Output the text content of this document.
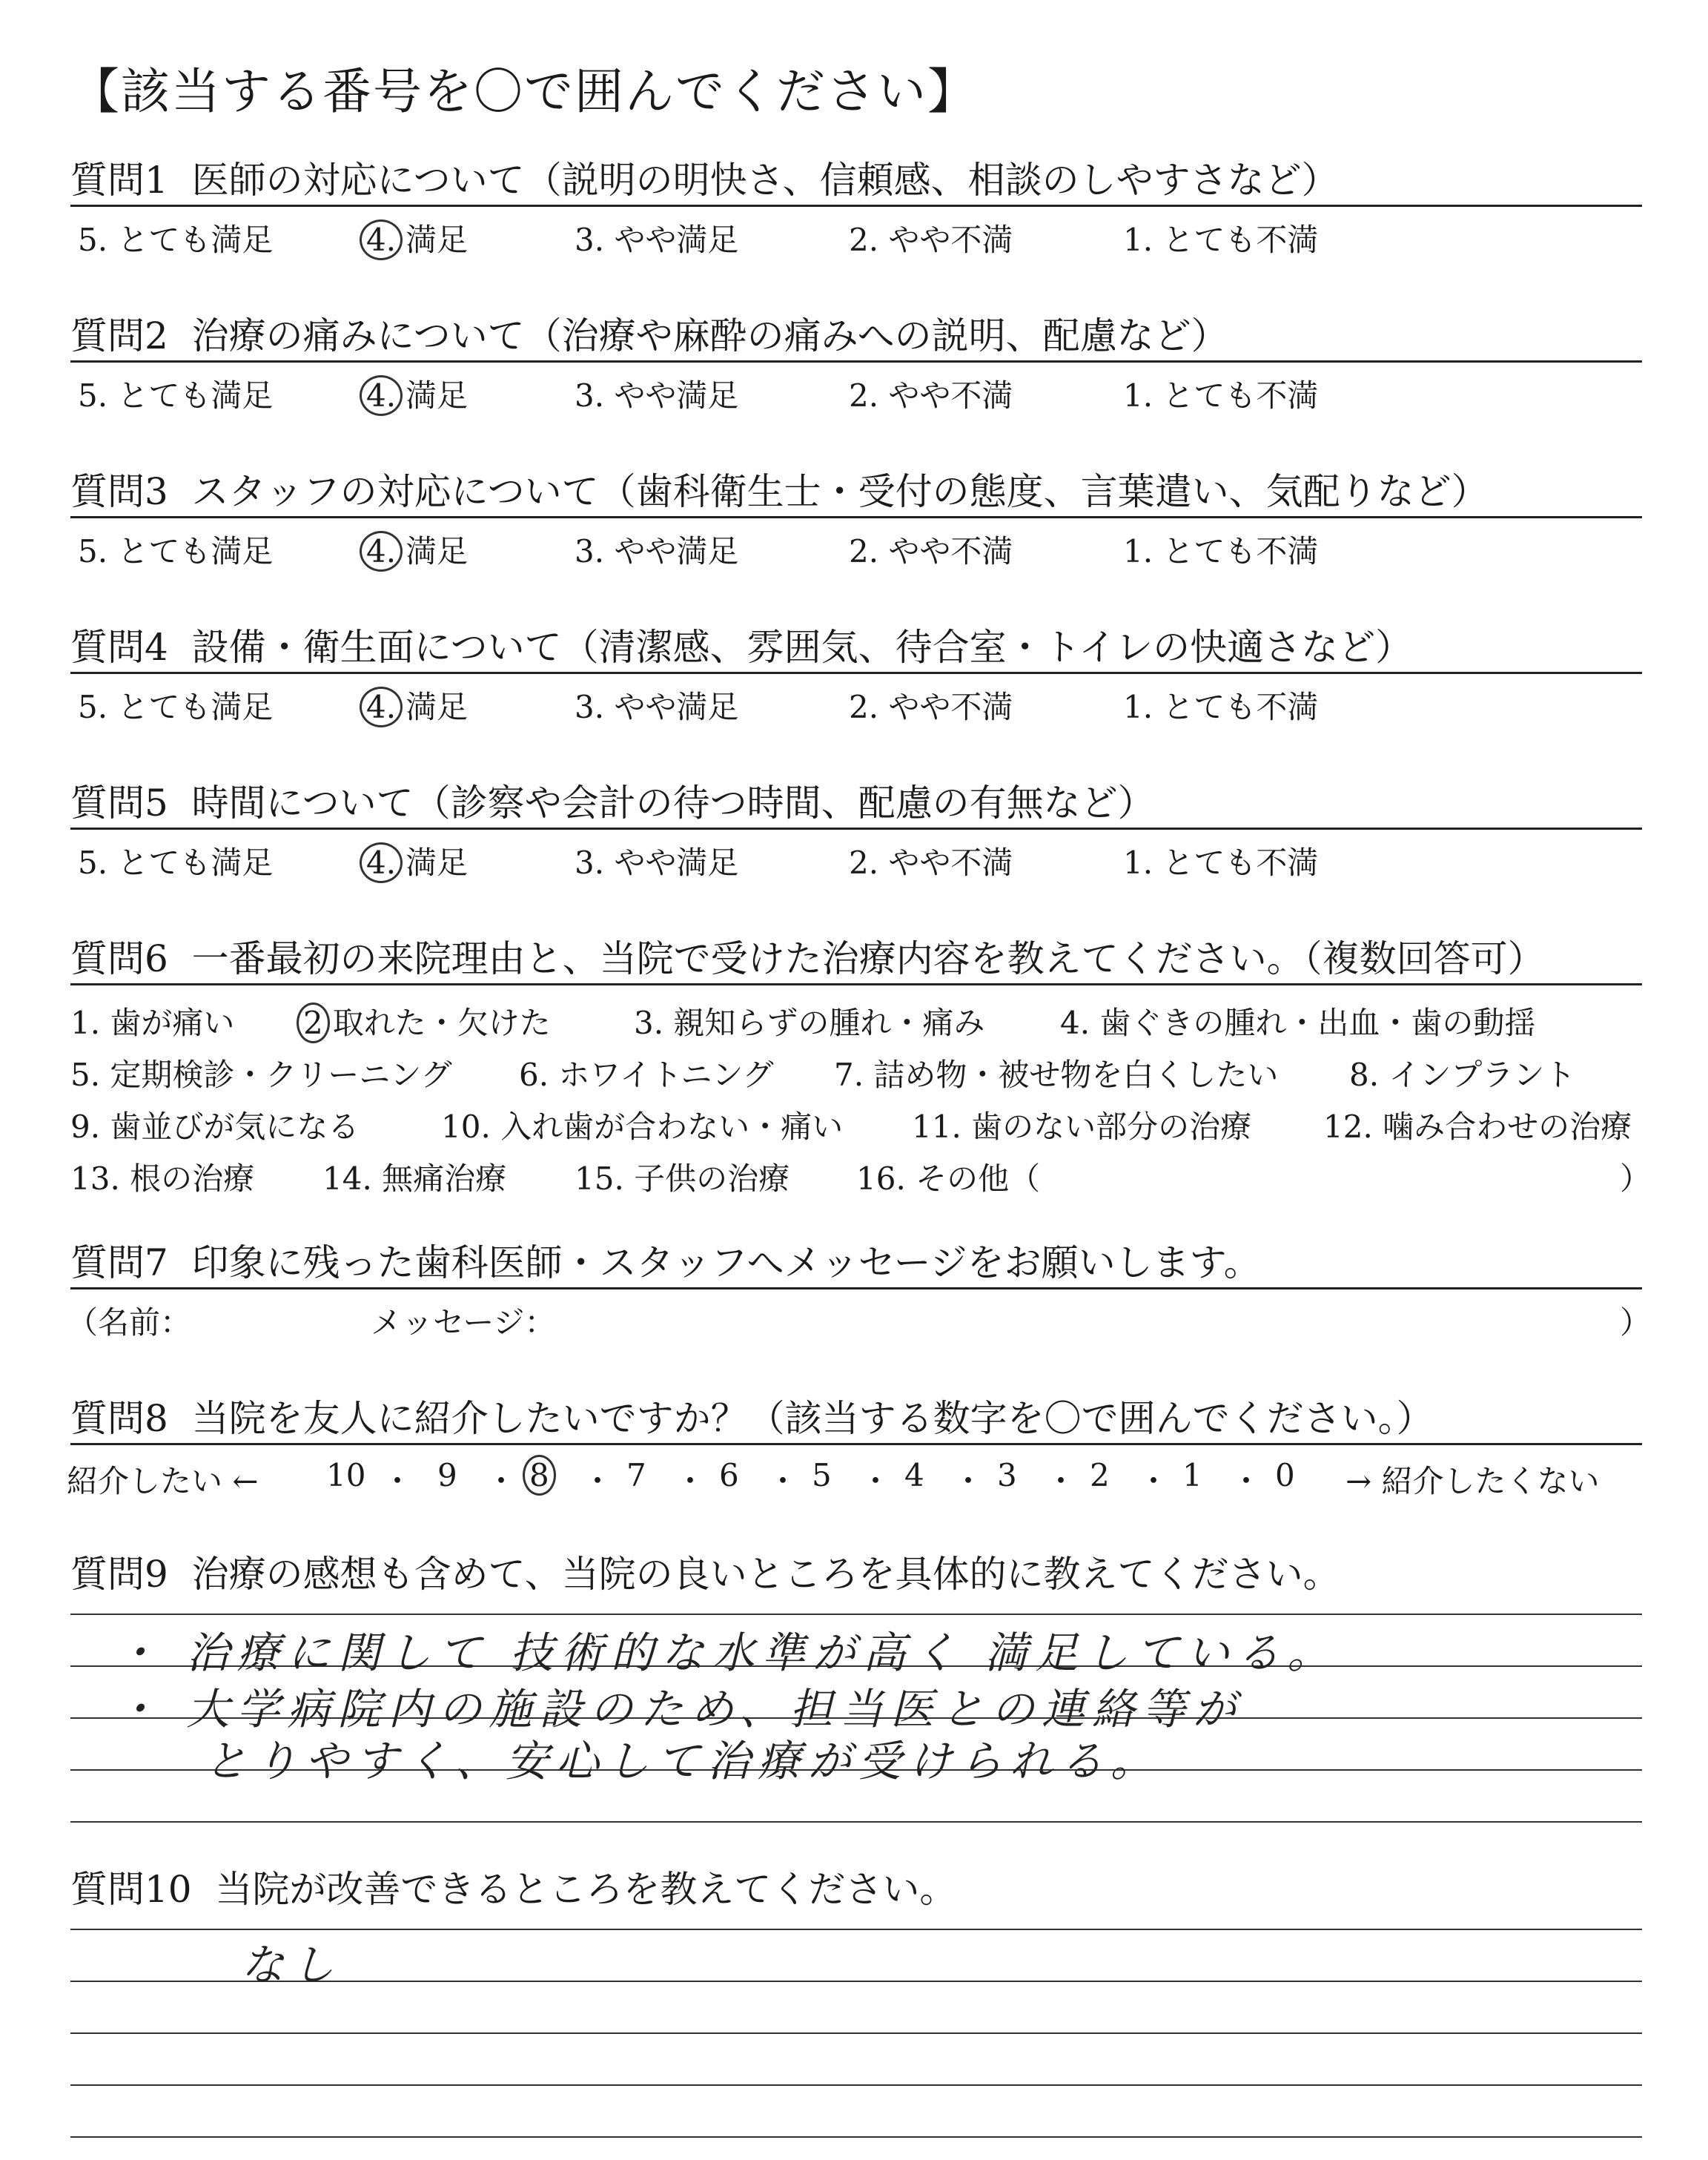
【該当する番号を〇で囲んでください】
質問1 医師の対応について（説明の明快さ、信頼感、相談のしやすさなど）
5. とても満足	4. 満足	3. やや満足	2. やや不満	1. とても不満
質問2 治療の痛みについて（治療や麻酔の痛みへの説明、配慮など）
5. とても満足	4. 満足	3. やや満足	2. やや不満	1. とても不満
質問3 スタッフの対応について（歯科衛生士・受付の態度、言葉遣い、気配りなど）
5. とても満足	4. 満足	3. やや満足	2. やや不満	1. とても不満
質問4 設備・衛生面について（清潔感、雰囲気、待合室・トイレの快適さなど）
5. とても満足	4. 満足	3. やや満足	2. やや不満	1. とても不満
質問5 時間について（診察や会計の待つ時間、配慮の有無など）
5. とても満足	4. 満足	3. やや満足	2. やや不満	1. とても不満
質問6 一番最初の来院理由と、当院で受けた治療内容を教えてください。（複数回答可）
1. 歯が痛い 2 取れた・欠けた	3. 親知らずの腫れ・痛み 4. 歯ぐきの腫れ・出血・歯の動揺
5. 定期検診・クリーニング 6. ホワイトニング 7. 詰め物・被せ物を白くしたい 8. インプラント
9. 歯並びが気になる	10. 入れ歯が合わない・痛い 11. 歯のない部分の治療 12. 噛み合わせの治療
13. 根の治療 14. 無痛治療 15. 子供の治療 16. その他（	）
質問7 印象に残った歯科医師・スタッフへメッセージをお願いします。
（名前：	メッセージ：	）
質問8 当院を友人に紹介したいですか？（該当する数字を〇で囲んでください。）
紹介したい ← 10 ・ 9 ・ 8	・ 7 ・ 6 ・ 5 ・ 4 ・ 3 ・ 2 ・ 1 ・ 0 → 紹介したくない
質問9 治療の感想も含めて、当院の良いところを具体的に教えてください。
・ 治療に関して 技術的な水準が高く 満足している。
・ 大学病院内の施設のため、担当医との連絡等が
とりやすく、安心して治療が受けられる。
質問10 当院が改善できるところを教えてください。
なし
